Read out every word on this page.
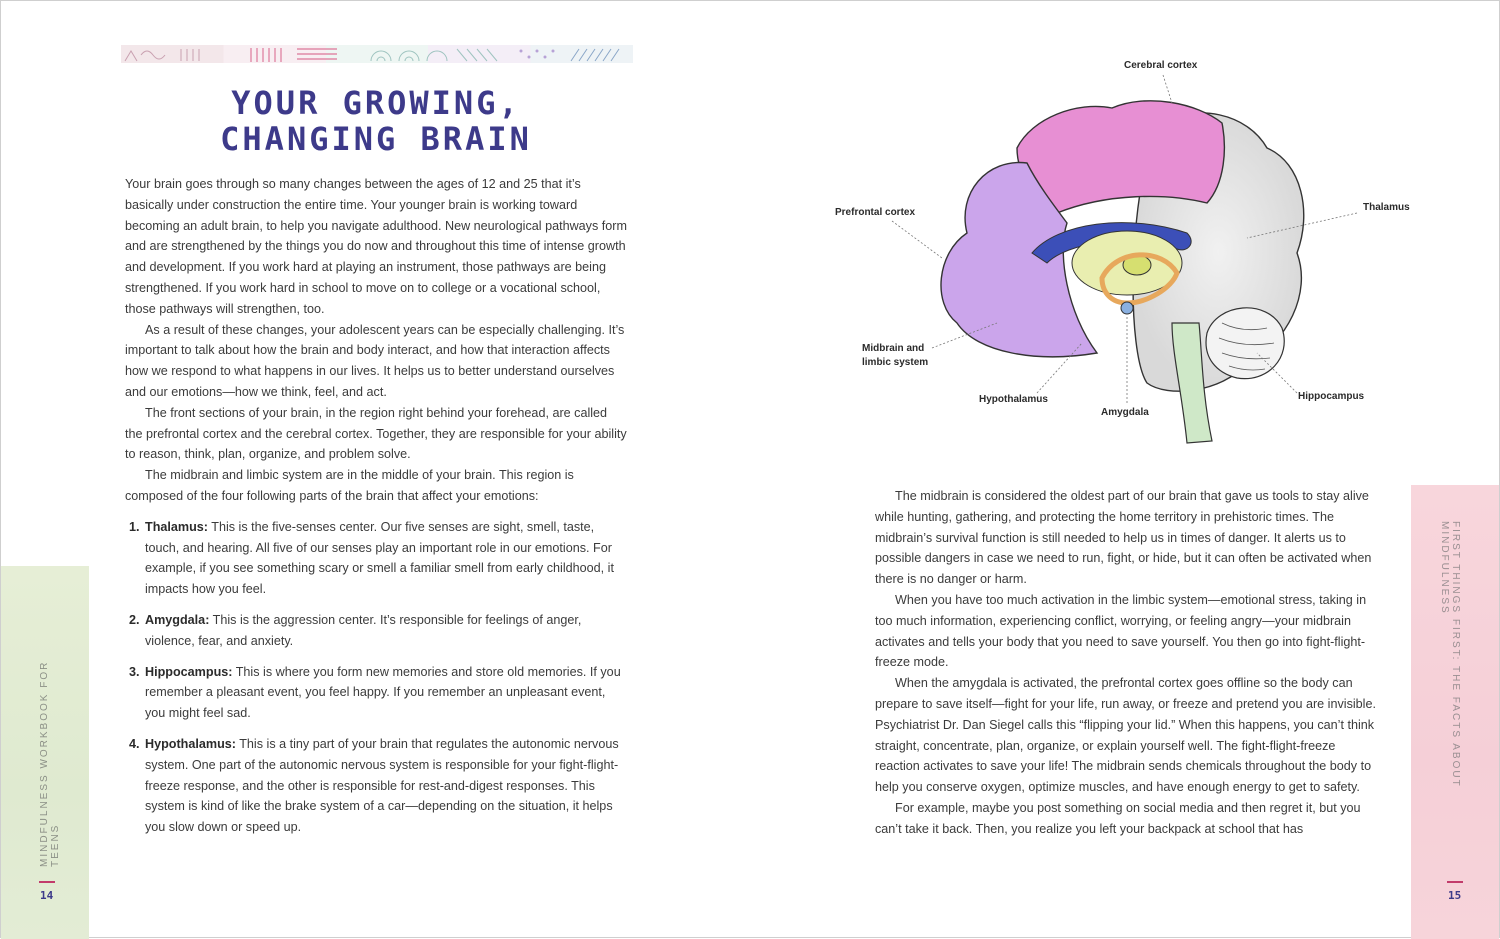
YOUR GROWING,
CHANGING BRAIN

Your brain goes through so many changes between the ages of 12 and 25 that it’s basically under construction the entire time. Your younger brain is working toward becoming an adult brain, to help you navigate adulthood. New neurological pathways form and are strengthened by the things you do now and throughout this time of intense growth and development. If you work hard at playing an instrument, those pathways are being strengthened. If you work hard in school to move on to college or a vocational school, those pathways will strengthen, too.

As a result of these changes, your adolescent years can be especially challenging. It’s important to talk about how the brain and body interact, and how that interaction affects how we respond to what happens in our lives. It helps us to better understand ourselves and our emotions—how we think, feel, and act.

The front sections of your brain, in the region right behind your forehead, are called the prefrontal cortex and the cerebral cortex. Together, they are responsible for your ability to reason, think, plan, organize, and problem solve.

The midbrain and limbic system are in the middle of your brain. This region is composed of the four following parts of the brain that affect your emotions:

1. Thalamus: This is the five-senses center. Our five senses are sight, smell, taste, touch, and hearing. All five of our senses play an important role in our emotions. For example, if you see something scary or smell a familiar smell from early childhood, it impacts how you feel.
2. Amygdala: This is the aggression center. It’s responsible for feelings of anger, violence, fear, and anxiety.
3. Hippocampus: This is where you form new memories and store old memories. If you remember a pleasant event, you feel happy. If you remember an unpleasant event, you might feel sad.
4. Hypothalamus: This is a tiny part of your brain that regulates the autonomic nervous system. One part of the autonomic nervous system is responsible for your fight-flight-freeze response, and the other is responsible for rest-and-digest responses. This system is kind of like the brake system of a car—depending on the situation, it helps you slow down or speed up.
MINDFULNESS WORKBOOK FOR TEENS
14
Cerebral cortex
Prefrontal cortex	Thalamus
Midbrain and
limbic system
Hypothalamus
Amygdala
Hippocampus

The midbrain is considered the oldest part of our brain that gave us tools to stay alive while hunting, gathering, and protecting the home territory in prehistoric times. The midbrain’s survival function is still needed to help us in times of danger. It alerts us to possible dangers in case we need to run, fight, or hide, but it can often be activated when there is no danger or harm.

When you have too much activation in the limbic system—emotional stress, taking in too much information, experiencing conflict, worrying, or feeling angry—your midbrain activates and tells your body that you need to save yourself. You then go into fight-flight-freeze mode.

When the amygdala is activated, the prefrontal cortex goes offline so the body can prepare to save itself—fight for your life, run away, or freeze and pretend you are invisible. Psychiatrist Dr. Dan Siegel calls this “flipping your lid.” When this happens, you can’t think straight, concentrate, plan, organize, or explain yourself well. The fight-flight-freeze reaction activates to save your life! The midbrain sends chemicals throughout the body to help you conserve oxygen, optimize muscles, and have enough energy to get to safety.

For example, maybe you post something on social media and then regret it, but you can’t take it back. Then, you realize you left your backpack at school that has

FIRST THINGS FIRST: THE FACTS ABOUT MINDFULNESS
15
